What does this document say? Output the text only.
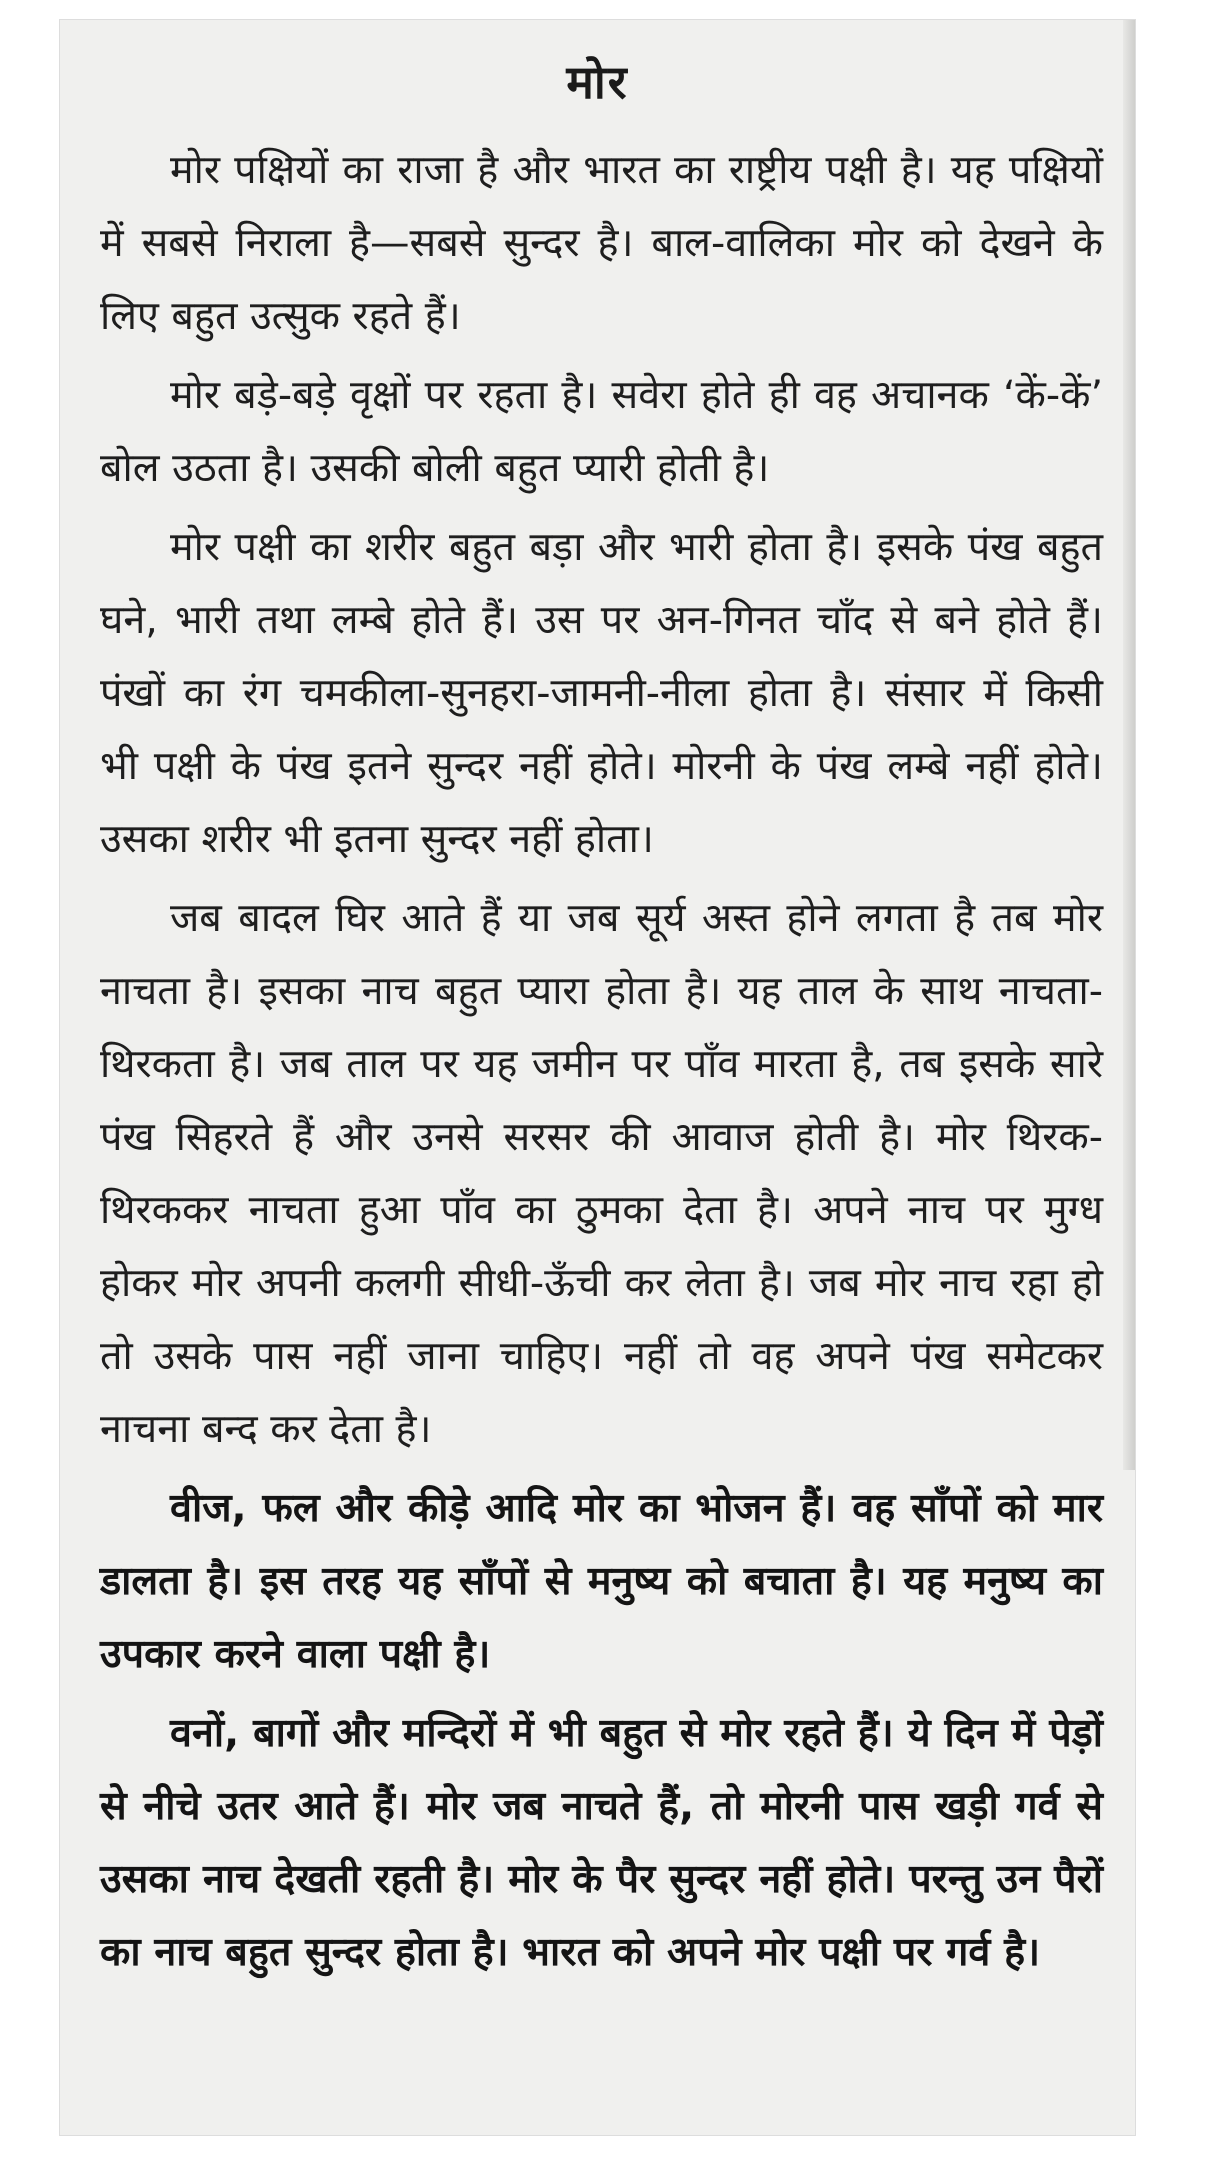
मोर

मोर पक्षियों का राजा है और भारत का राष्ट्रीय पक्षी है। यह पक्षियों में सबसे निराला है—सबसे सुन्दर है। बाल-वालिका मोर को देखने के लिए बहुत उत्सुक रहते हैं।

मोर बड़े-बड़े वृक्षों पर रहता है। सवेरा होते ही वह अचानक ‘कें-कें’ बोल उठता है। उसकी बोली बहुत प्यारी होती है।

मोर पक्षी का शरीर बहुत बड़ा और भारी होता है। इसके पंख बहुत घने, भारी तथा लम्बे होते हैं। उस पर अन-गिनत चाँद से बने होते हैं। पंखों का रंग चमकीला-सुनहरा-जामनी-नीला होता है। संसार में किसी भी पक्षी के पंख इतने सुन्दर नहीं होते। मोरनी के पंख लम्बे नहीं होते। उसका शरीर भी इतना सुन्दर नहीं होता।

जब बादल घिर आते हैं या जब सूर्य अस्त होने लगता है तब मोर नाचता है। इसका नाच बहुत प्यारा होता है। यह ताल के साथ नाचता-थिरकता है। जब ताल पर यह जमीन पर पाँव मारता है, तब इसके सारे पंख सिहरते हैं और उनसे सरसर की आवाज होती है। मोर थिरक-थिरककर नाचता हुआ पाँव का ठुमका देता है। अपने नाच पर मुग्ध होकर मोर अपनी कलगी सीधी-ऊँची कर लेता है। जब मोर नाच रहा हो तो उसके पास नहीं जाना चाहिए। नहीं तो वह अपने पंख समेटकर नाचना बन्द कर देता है।

वीज, फल और कीड़े आदि मोर का भोजन हैं। वह साँपों को मार डालता है। इस तरह यह साँपों से मनुष्य को बचाता है। यह मनुष्य का उपकार करने वाला पक्षी है।

वनों, बागों और मन्दिरों में भी बहुत से मोर रहते हैं। ये दिन में पेड़ों से नीचे उतर आते हैं। मोर जब नाचते हैं, तो मोरनी पास खड़ी गर्व से उसका नाच देखती रहती है। मोर के पैर सुन्दर नहीं होते। परन्तु उन पैरों का नाच बहुत सुन्दर होता है। भारत को अपने मोर पक्षी पर गर्व है।
